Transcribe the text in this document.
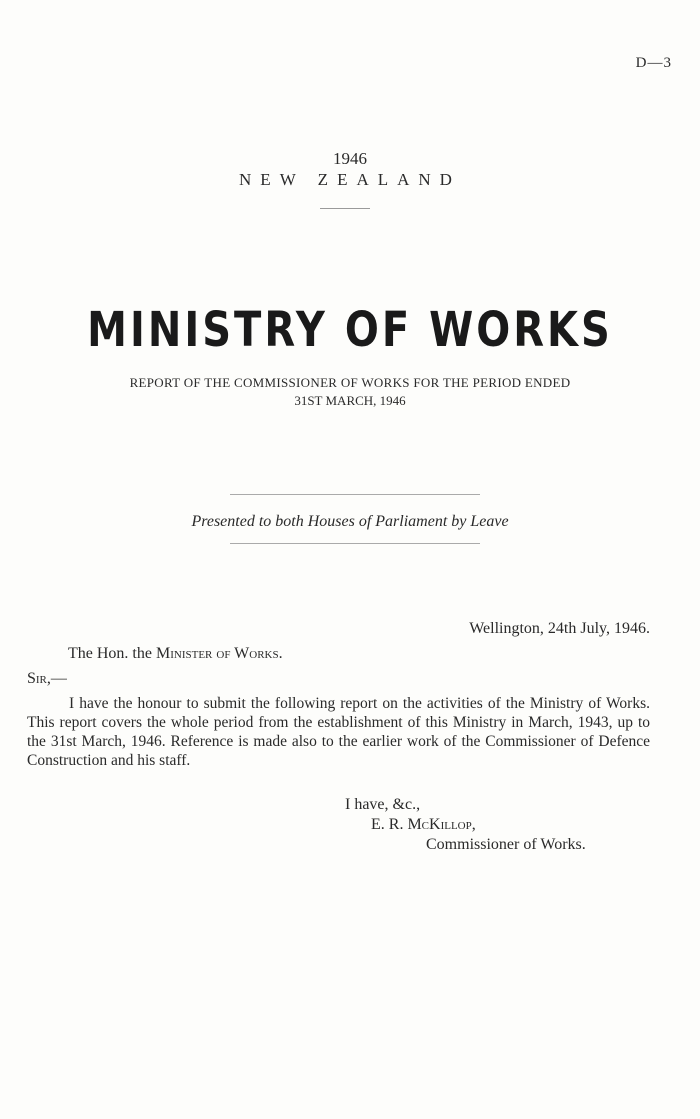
D—3
1946
NEW ZEALAND
MINISTRY OF WORKS
REPORT OF THE COMMISSIONER OF WORKS FOR THE PERIOD ENDED
31ST MARCH, 1946
Presented to both Houses of Parliament by Leave
Wellington, 24th July, 1946.
The Hon. the Minister of Works.
Sir,—
I have the honour to submit the following report on the activities of the Ministry of Works. This report covers the whole period from the establishment of this Ministry in March, 1943, up to the 31st March, 1946. Reference is made also to the earlier work of the Commissioner of Defence Construction and his staff.
I have, &c.,
E. R. McKillop,
Commissioner of Works.
